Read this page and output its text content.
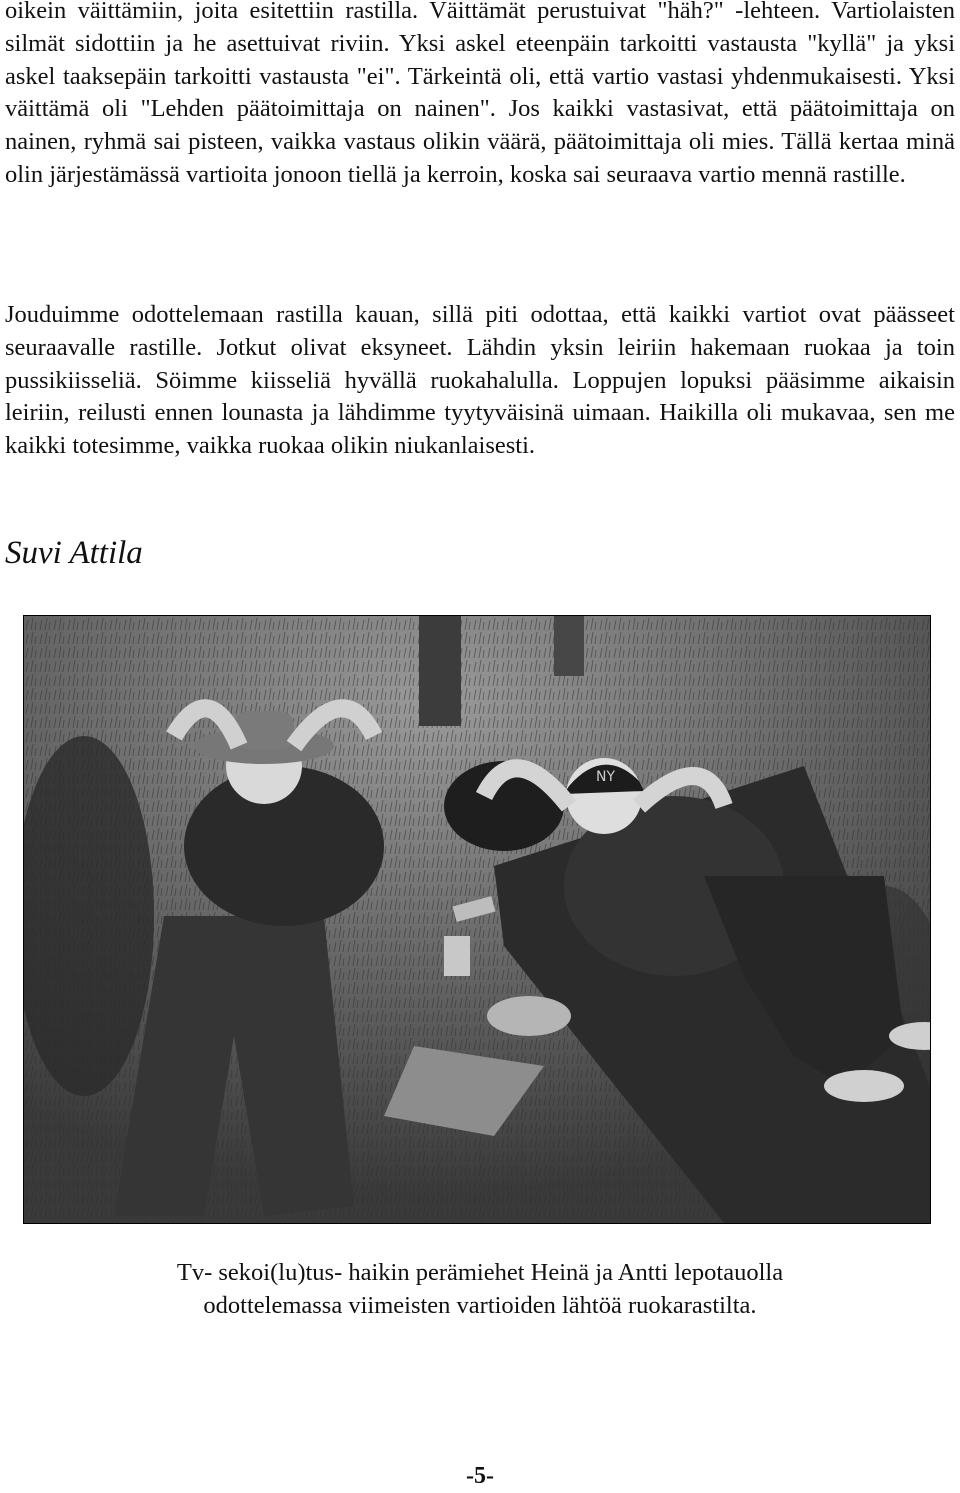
oikein väittämiin, joita esitettiin rastilla. Väittämät perustuivat "häh?" -lehteen. Vartiolaisten silmät sidottiin ja he asettuivat riviin. Yksi askel eteenpäin tarkoitti vastausta "kyllä" ja yksi askel taaksepäin tarkoitti vastausta "ei". Tärkeintä oli, että vartio vastasi yhdenmukaisesti. Yksi väittämä oli "Lehden päätoimittaja on nainen". Jos kaikki vastasivat, että päätoimittaja on nainen, ryhmä sai pisteen, vaikka vastaus olikin väärä, päätoimittaja oli mies. Tällä kertaa minä olin järjestämässä vartioita jonoon tiellä ja kerroin, koska sai seuraava vartio mennä rastille.

Jouduimme odottelemaan rastilla kauan, sillä piti odottaa, että kaikki vartiot ovat päässeet seuraavalle rastille. Jotkut olivat eksyneet. Lähdin yksin leiriin hakemaan ruokaa ja toin pussikiisseliä. Söimme kiisseliä hyvällä ruokahalulla. Loppujen lopuksi pääsimme aikaisin leiriin, reilusti ennen lounasta ja lähdimme tyytyväisinä uimaan. Haikilla oli mukavaa, sen me kaikki totesimme, vaikka ruokaa olikin niukanlaisesti.

Suvi Attila
NY
Tv- sekoi(lu)tus- haikin perämiehet Heinä ja Antti lepotauolla
odottelemassa viimeisten vartioiden lähtöä ruokarastilta.
-5-
